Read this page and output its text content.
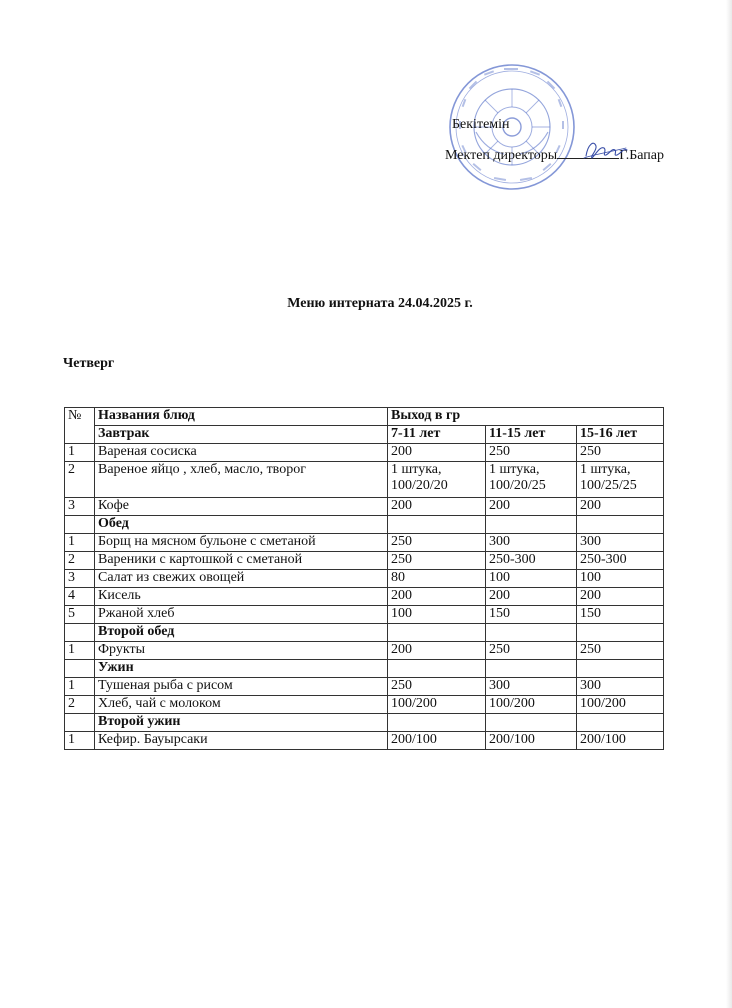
Бекітемін
Мектеп директоры	Г.Бапар
Меню интерната 24.04.2025 г.
Четверг
№	Названия блюд	Выход в гр		
	Завтрак	7-11 лет	11-15 лет	15-16 лет
1	Вареная сосиска	200	250	250
2	Вареное яйцо , хлеб, масло, творог	1 штука, 100/20/20	1 штука, 100/20/25	1 штука, 100/25/25
3	Кофе	200	200	200
	Обед			
1	Борщ на мясном бульоне с сметаной	250	300	300
2	Вареники с картошкой с сметаной	250	250-300	250-300
3	Салат из свежих овощей	80	100	100
4	Кисель	200	200	200
5	Ржаной хлеб	100	150	150
	Второй обед			
1	Фрукты	200	250	250
	Ужин			
1	Тушеная рыба с рисом	250	300	300
2	Хлеб, чай с молоком	100/200	100/200	100/200
	Второй ужин			
1	Кефир. Бауырсаки	200/100	200/100	200/100
